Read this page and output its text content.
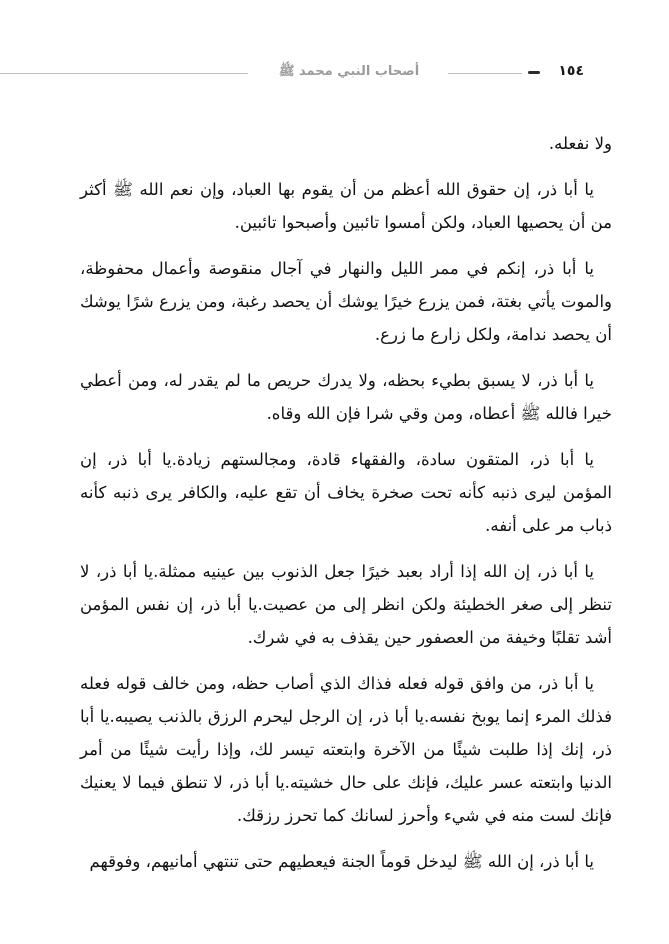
أصحاب النبي محمد ﷺ	١٥٤

ولا نفعله.

يا أبا ذر، إن حقوق الله أعظم من أن يقوم بها العباد، وإن نعم الله ﷺ أكثر من أن يحصيها العباد، ولكن أمسوا تائبين وأصبحوا تائبين.

يا أبا ذر، إنكم في ممر الليل والنهار في آجال منقوصة وأعمال محفوظة، والموت يأتي بغتة، فمن يزرع خيرًا يوشك أن يحصد رغبة، ومن يزرع شرًا يوشك أن يحصد ندامة، ولكل زارع ما زرع.

يا أبا ذر، لا يسبق بطيء بحظه، ولا يدرك حريص ما لم يقدر له، ومن أعطي خيرا فالله ﷺ أعطاه، ومن وقي شرا فإن الله وقاه.

يا أبا ذر، المتقون سادة، والفقهاء قادة، ومجالستهم زيادة.يا أبا ذر، إن المؤمن ليرى ذنبه كأنه تحت صخرة يخاف أن تقع عليه، والكافر يرى ذنبه كأنه ذباب مر على أنفه.

يا أبا ذر، إن الله إذا أراد بعبد خيرًا جعل الذنوب بين عينيه ممثلة.يا أبا ذر، لا تنظر إلى صغر الخطيئة ولكن انظر إلى من عصيت.يا أبا ذر، إن نفس المؤمن أشد تقلبًا وخيفة من العصفور حين يقذف به في شرك.

يا أبا ذر، من وافق قوله فعله فذاك الذي أصاب حظه، ومن خالف قوله فعله فذلك المرء إنما يوبخ نفسه.يا أبا ذر، إن الرجل ليحرم الرزق بالذنب يصيبه.يا أبا ذر، إنك إذا طلبت شيئًا من الآخرة وابتعته تيسر لك، وإذا رأيت شيئًا من أمر الدنيا وابتعته عسر عليك، فإنك على حال خشيته.يا أبا ذر، لا تنطق فيما لا يعنيك فإنك لست منه في شيء وأحرز لسانك كما تحرز رزقك.

يا أبا ذر، إن الله ﷺ ليدخل قوماً الجنة فيعطيهم حتى تنتهي أمانيهم، وفوقهم
